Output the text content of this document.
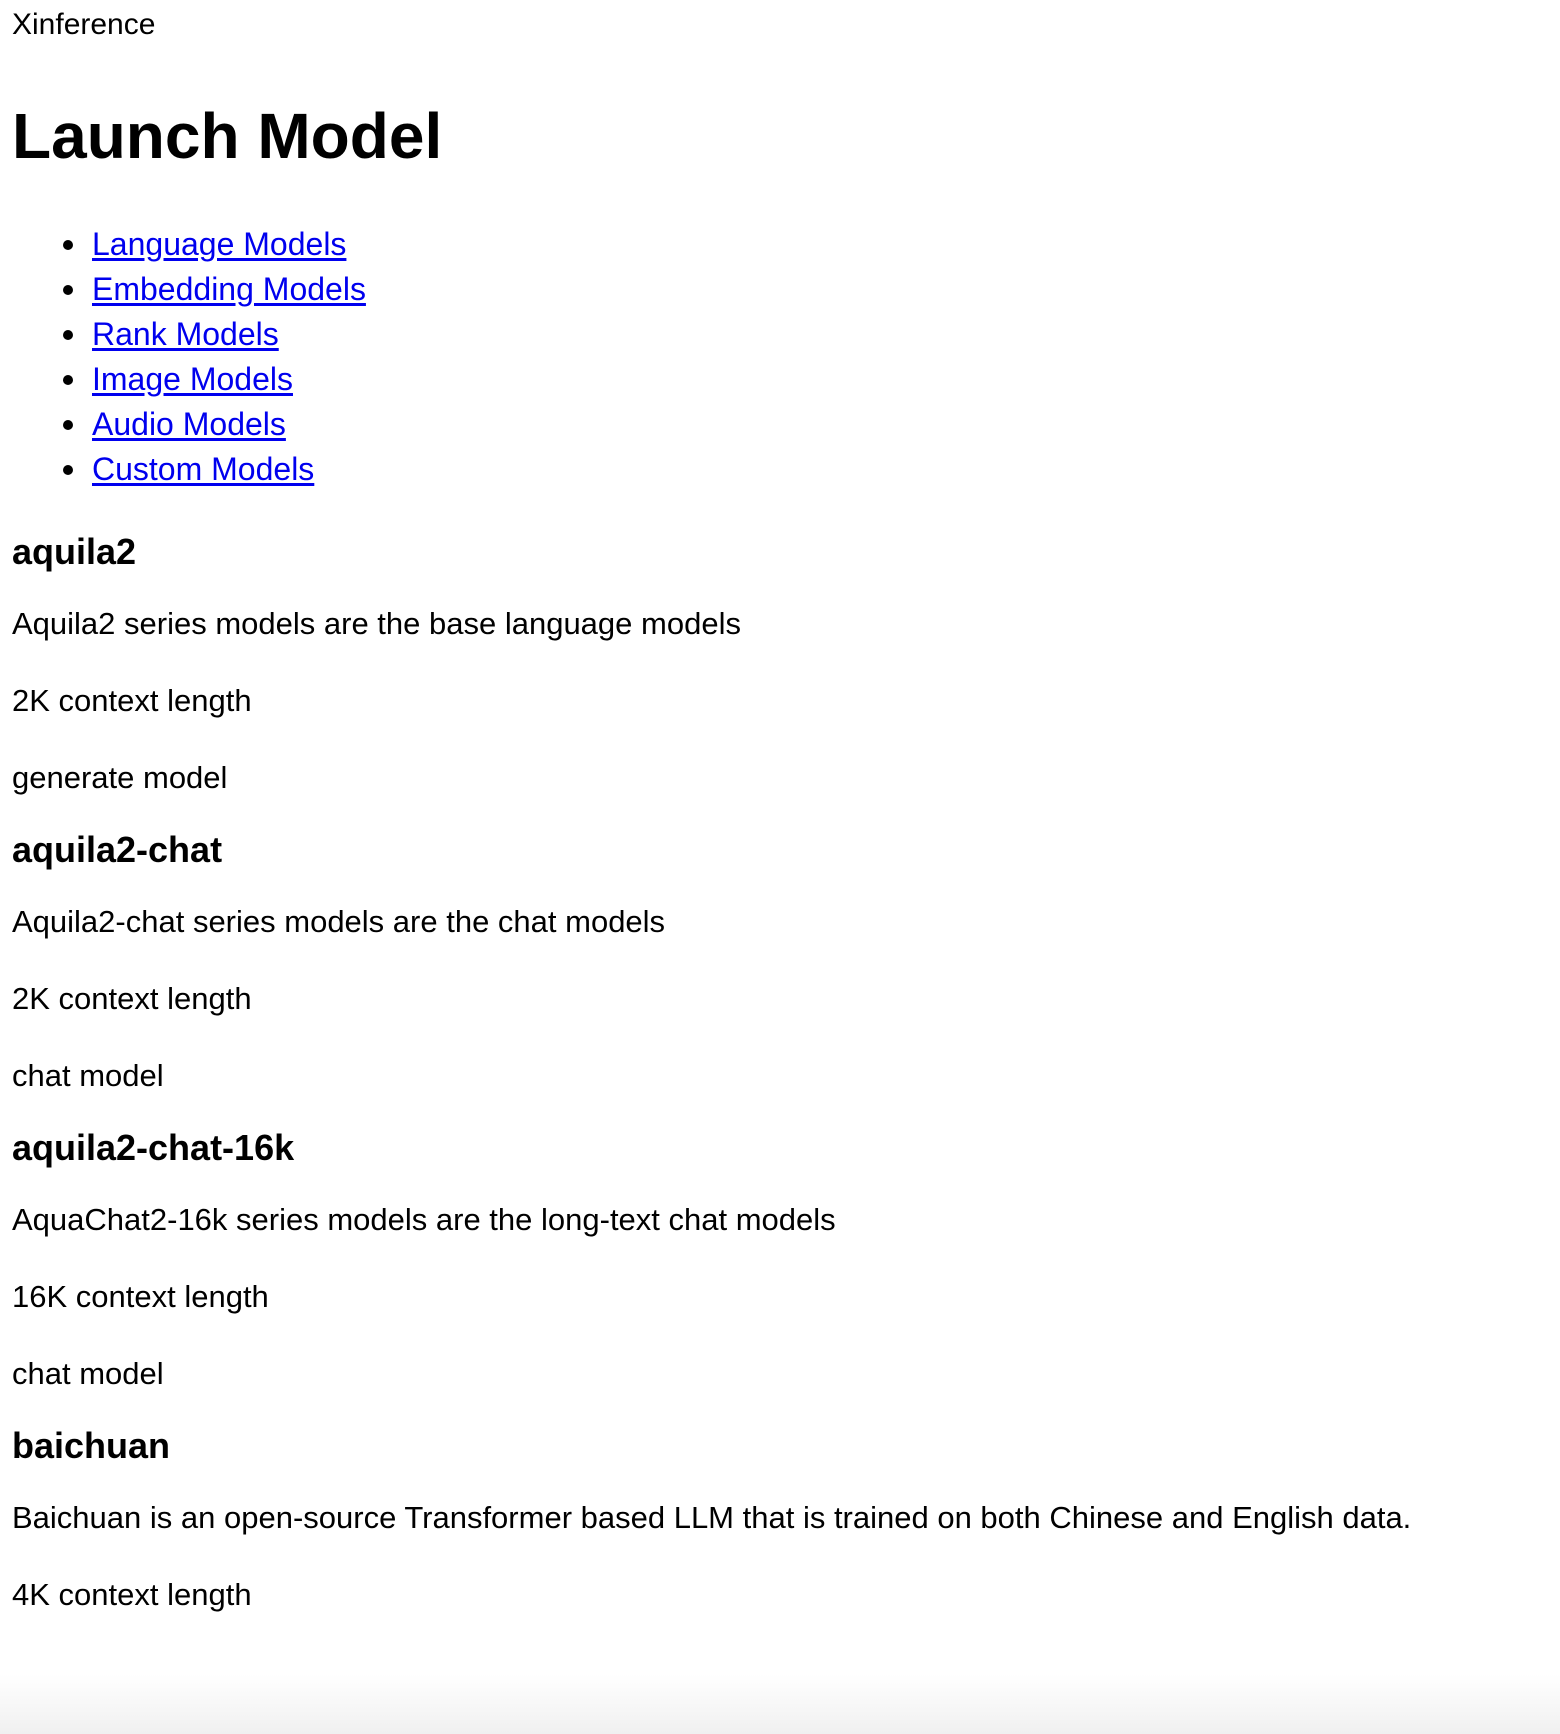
Xinference
Launch Model
Language Models
Embedding Models
Rank Models
Image Models
Audio Models
Custom Models
aquila2

Aquila2 series models are the base language models

2K context length

generate model

aquila2-chat

Aquila2-chat series models are the chat models

2K context length

chat model

aquila2-chat-16k

AquaChat2-16k series models are the long-text chat models

16K context length

chat model

baichuan

Baichuan is an open-source Transformer based LLM that is trained on both Chinese and English data.

4K context length
